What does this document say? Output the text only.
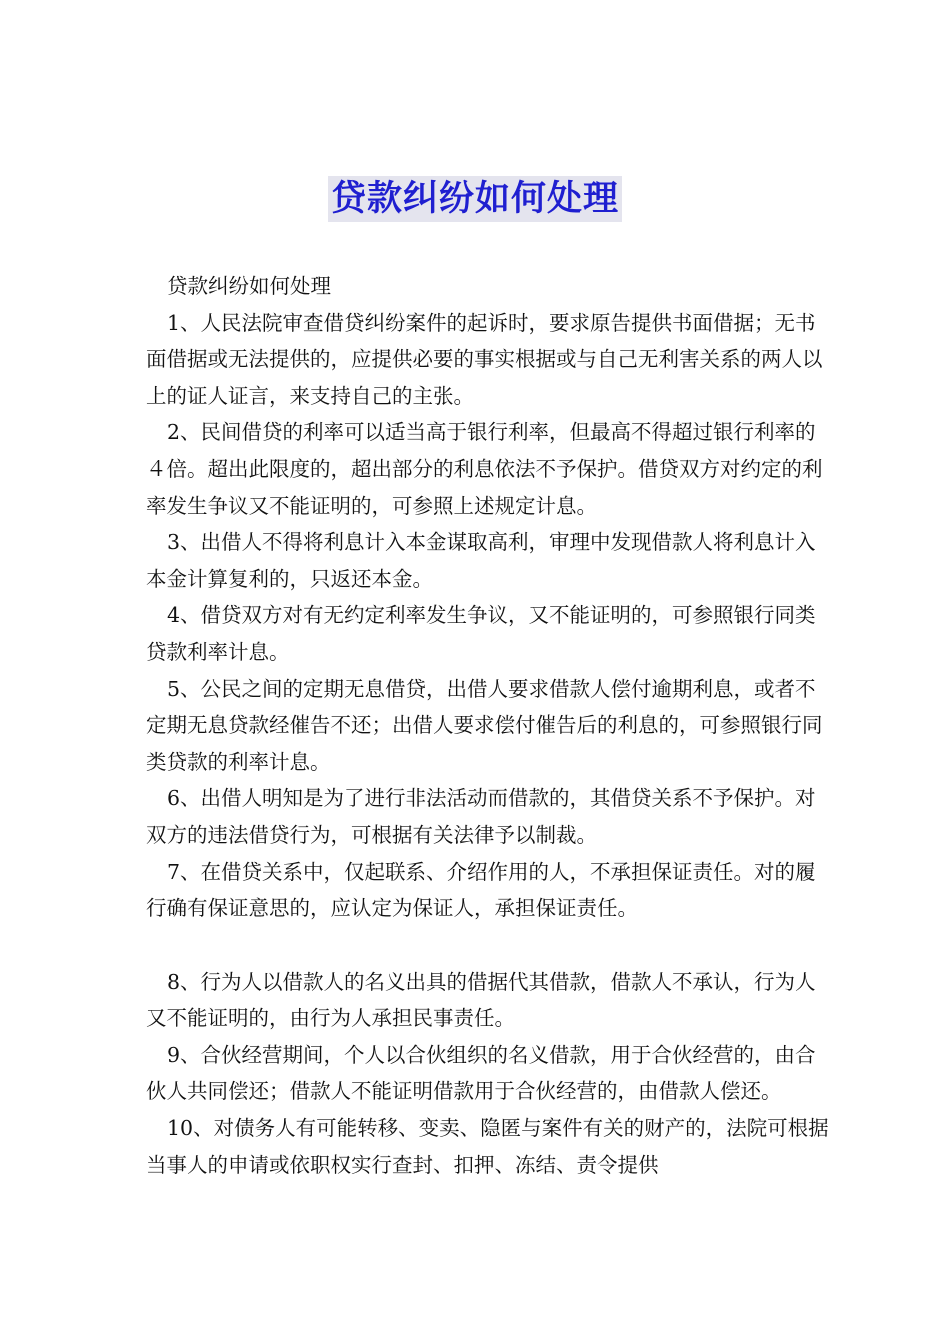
贷款纠纷如何处理

贷款纠纷如何处理

1、人民法院审查借贷纠纷案件的起诉时，要求原告提供书面借据；无书面借据或无法提供的，应提供必要的事实根据或与自己无利害关系的两人以上的证人证言，来支持自己的主张。

2、民间借贷的利率可以适当高于银行利率，但最高不得超过银行利率的４倍。超出此限度的，超出部分的利息依法不予保护。借贷双方对约定的利率发生争议又不能证明的，可参照上述规定计息。

3、出借人不得将利息计入本金谋取高利，审理中发现借款人将利息计入本金计算复利的，只返还本金。

4、借贷双方对有无约定利率发生争议，又不能证明的，可参照银行同类贷款利率计息。

5、公民之间的定期无息借贷，出借人要求借款人偿付逾期利息，或者不定期无息贷款经催告不还；出借人要求偿付催告后的利息的，可参照银行同类贷款的利率计息。

6、出借人明知是为了进行非法活动而借款的，其借贷关系不予保护。对双方的违法借贷行为，可根据有关法律予以制裁。

7、在借贷关系中，仅起联系、介绍作用的人，不承担保证责任。对的履行确有保证意思的，应认定为保证人，承担保证责任。

8、行为人以借款人的名义出具的借据代其借款，借款人不承认，行为人又不能证明的，由行为人承担民事责任。

9、合伙经营期间，个人以合伙组织的名义借款，用于合伙经营的，由合伙人共同偿还；借款人不能证明借款用于合伙经营的，由借款人偿还。

10、对债务人有可能转移、变卖、隐匿与案件有关的财产的，法院可根据当事人的申请或依职权实行查封、扣押、冻结、责令提供
